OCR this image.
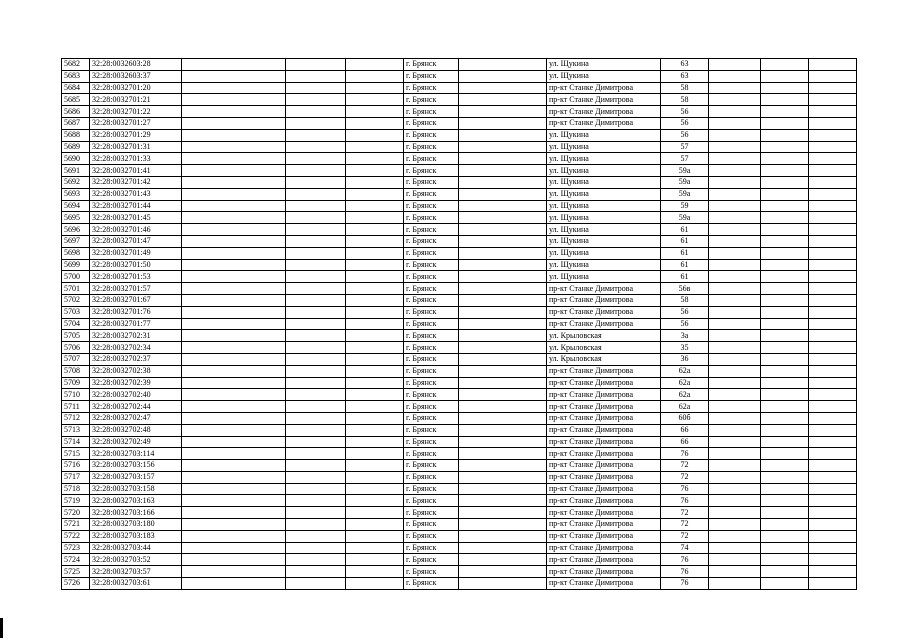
5682	32:28:0032603:28				г. Брянск		ул. Щукина	63			
5683	32:28:0032603:37				г. Брянск		ул. Щукина	63			
5684	32:28:0032701:20				г. Брянск		пр-кт Станке Димитрова	58			
5685	32:28:0032701:21				г. Брянск		пр-кт Станке Димитрова	58			
5686	32:28:0032701:22				г. Брянск		пр-кт Станке Димитрова	56			
5687	32:28:0032701:27				г. Брянск		пр-кт Станке Димитрова	56			
5688	32:28:0032701:29				г. Брянск		ул. Щукина	56			
5689	32:28:0032701:31				г. Брянск		ул. Щукина	57			
5690	32:28:0032701:33				г. Брянск		ул. Щукина	57			
5691	32:28:0032701:41				г. Брянск		ул. Щукина	59а			
5692	32:28:0032701:42				г. Брянск		ул. Щукина	59а			
5693	32:28:0032701:43				г. Брянск		ул. Щукина	59а			
5694	32:28:0032701:44				г. Брянск		ул. Щукина	59			
5695	32:28:0032701:45				г. Брянск		ул. Щукина	59а			
5696	32:28:0032701:46				г. Брянск		ул. Щукина	61			
5697	32:28:0032701:47				г. Брянск		ул. Щукина	61			
5698	32:28:0032701:49				г. Брянск		ул. Щукина	61			
5699	32:28:0032701:50				г. Брянск		ул. Щукина	61			
5700	32:28:0032701:53				г. Брянск		ул. Щукина	61			
5701	32:28:0032701:57				г. Брянск		пр-кт Станке Димитрова	56в			
5702	32:28:0032701:67				г. Брянск		пр-кт Станке Димитрова	58			
5703	32:28:0032701:76				г. Брянск		пр-кт Станке Димитрова	56			
5704	32:28:0032701:77				г. Брянск		пр-кт Станке Димитрова	56			
5705	32:28:0032702:31				г. Брянск		ул. Крыловская	3а			
5706	32:28:0032702:34				г. Брянск		ул. Крыловская	35			
5707	32:28:0032702:37				г. Брянск		ул. Крыловская	36			
5708	32:28:0032702:38				г. Брянск		пр-кт Станке Димитрова	62а			
5709	32:28:0032702:39				г. Брянск		пр-кт Станке Димитрова	62а			
5710	32:28:0032702:40				г. Брянск		пр-кт Станке Димитрова	62а			
5711	32:28:0032702:44				г. Брянск		пр-кт Станке Димитрова	62а			
5712	32:28:0032702:47				г. Брянск		пр-кт Станке Димитрова	60б			
5713	32:28:0032702:48				г. Брянск		пр-кт Станке Димитрова	66			
5714	32:28:0032702:49				г. Брянск		пр-кт Станке Димитрова	66			
5715	32:28:0032703:114				г. Брянск		пр-кт Станке Димитрова	76			
5716	32:28:0032703:156				г. Брянск		пр-кт Станке Димитрова	72			
5717	32:28:0032703:157				г. Брянск		пр-кт Станке Димитрова	72			
5718	32:28:0032703:158				г. Брянск		пр-кт Станке Димитрова	76			
5719	32:28:0032703:163				г. Брянск		пр-кт Станке Димитрова	76			
5720	32:28:0032703:166				г. Брянск		пр-кт Станке Димитрова	72			
5721	32:28:0032703:180				г. Брянск		пр-кт Станке Димитрова	72			
5722	32:28:0032703:183				г. Брянск		пр-кт Станке Димитрова	72			
5723	32:28:0032703:44				г. Брянск		пр-кт Станке Димитрова	74			
5724	32:28:0032703:52				г. Брянск		пр-кт Станке Димитрова	76			
5725	32:28:0032703:57				г. Брянск		пр-кт Станке Димитрова	76			
5726	32:28:0032703:61				г. Брянск		пр-кт Станке Димитрова	76			
